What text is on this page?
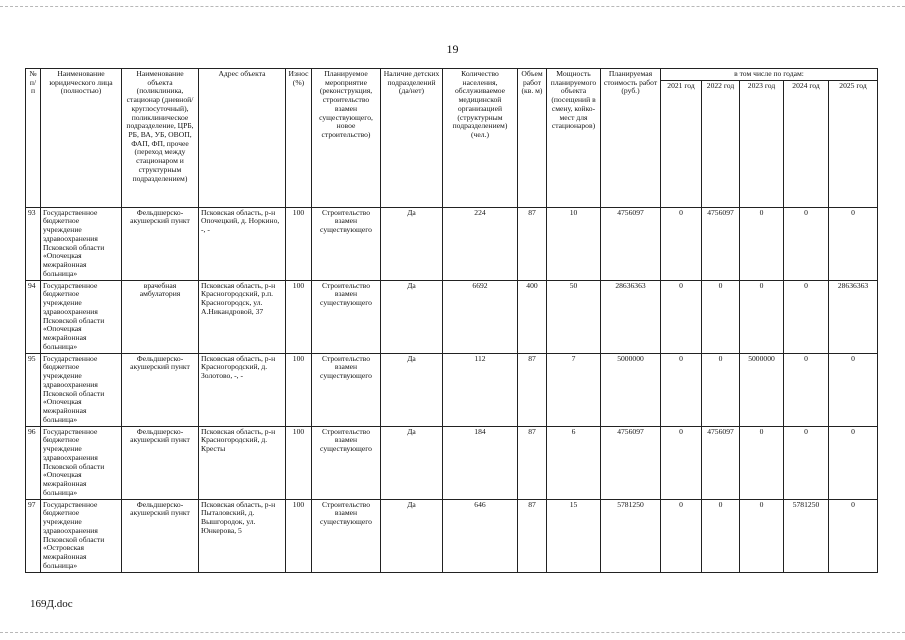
19
№ п/п	Наименование юридического лица (полностью)	Наименование объекта (поликлиника, стационар (дневной/ круглосуточный), поликлиническое подразделение, ЦРБ, РБ, ВА, УБ, ОВОП, ФАП, ФП, прочее (переход между стационаром и структурным подразделением)	Адрес объекта	Износ (%)	Планируемое мероприятие (реконструкция, строительство взамен существующего, новое строительство)	Наличие детских подразделений (да/нет)	Количество населения, обслуживаемое медицинской организацией (структурным подразделением) (чел.)	Объем работ (кв. м)	Мощность планируемого объекта (посещений в смену, койко-мест для стационаров)	Планируемая стоимость работ (руб.)	в том числе по годам:				
											2021 год	2022 год	2023 год	2024 год	2025 год
93	Государственное бюджетное учреждение здравоохранения Псковской области «Опочецкая межрайонная больница»	Фельдшерско-акушерский пункт	Псковская область, р-н Опочецкий, д. Норкино, -, -	100	Строительство взамен существующего	Да	224	87	10	4756097	0	4756097	0	0	0
94	Государственное бюджетное учреждение здравоохранения Псковской области «Опочецкая межрайонная больница»	врачебная амбулатория	Псковская область, р-н Красногородский, р.п. Красногородск, ул. А.Никандровой, 37	100	Строительство взамен существующего	Да	6692	400	50	28636363	0	0	0	0	28636363
95	Государственное бюджетное учреждение здравоохранения Псковской области «Опочецкая межрайонная больница»	Фельдшерско-акушерский пункт	Псковская область, р-н Красногородский, д. Золотово, -, -	100	Строительство взамен существующего	Да	112	87	7	5000000	0	0	5000000	0	0
96	Государственное бюджетное учреждение здравоохранения Псковской области «Опочецкая межрайонная больница»	Фельдшерско-акушерский пункт	Псковская область, р-н Красногородский, д. Кресты	100	Строительство взамен существующего	Да	184	87	6	4756097	0	4756097	0	0	0
97	Государственное бюджетное учреждение здравоохранения Псковской области «Островская межрайонная больница»	Фельдшерско-акушерский пункт	Псковская область, р-н Пыталовский, д. Вышгородок, ул. Юнкерова, 5	100	Строительство взамен существующего	Да	646	87	15	5781250	0	0	0	5781250	0
169Д.doc
